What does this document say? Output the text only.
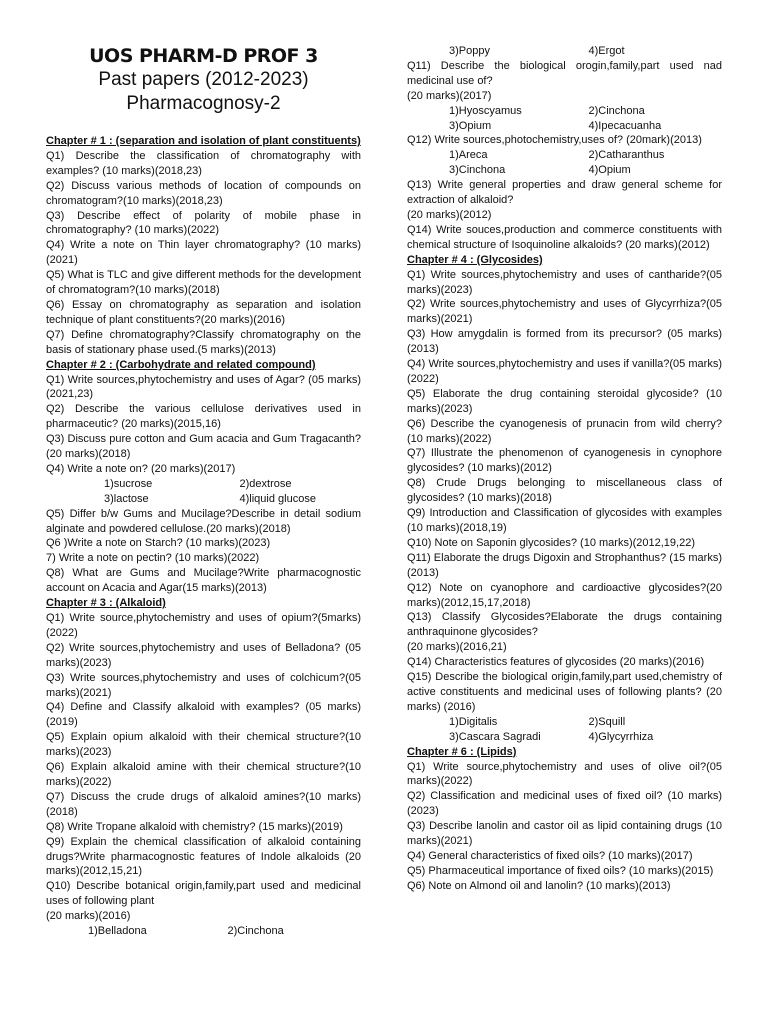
UOS PHARM-D PROF 3
Past papers (2012-2023)
Pharmacognosy-2
Chapter # 1 : (separation and isolation of plant constituents)

Q1) Describe the classification of chromatography with examples? (10 marks)(2018,23)

Q2) Discuss various methods of location of compounds on chromatogram?(10 marks)(2018,23)

Q3) Describe effect of polarity of mobile phase in chromatography? (10 marks)(2022)

Q4) Write a note on Thin layer chromatography? (10 marks)(2021)

Q5) What is TLC and give different methods for the development of chromatogram?(10 marks)(2018)

Q6) Essay on chromatography as separation and isolation technique of plant constituents?(20 marks)(2016)

Q7) Define chromatography?Classify chromatography on the basis of stationary phase used.(5 marks)(2013)

Chapter # 2 : (Carbohydrate and related compound)

Q1) Write sources,phytochemistry and uses of Agar? (05 marks)(2021,23)

Q2) Describe the various cellulose derivatives used in pharmaceutic? (20 marks)(2015,16)

Q3) Discuss pure cotton and Gum acacia and Gum Tragacanth? (20 marks)(2018)

Q4) Write a note on? (20 marks)(2017)

1)sucrose	2)dextrose
3)lactose	4)liquid glucose

Q5) Differ b/w Gums and Mucilage?Describe in detail sodium alginate and powdered cellulose.(20 marks)(2018)

Q6 )Write a note on Starch? (10 marks)(2023)

7) Write a note on pectin? (10 marks)(2022)

Q8) What are Gums and Mucilage?Write pharmacognostic account on Acacia and Agar(15 marks)(2013)

Chapter # 3 : (Alkaloid)

Q1) Write source,phytochemistry and uses of opium?(5marks)(2022)

Q2) Write sources,phytochemistry and uses of Belladona? (05 marks)(2023)

Q3) Write sources,phytochemistry and uses of colchicum?(05 marks)(2021)

Q4) Define and Classify alkaloid with examples? (05 marks)(2019)

Q5) Explain opium alkaloid with their chemical structure?(10 marks)(2023)

Q6) Explain alkaloid amine with their chemical structure?(10 marks)(2022)

Q7) Discuss the crude drugs of alkaloid amines?(10 marks)(2018)

Q8) Write Tropane alkaloid with chemistry? (15 marks)(2019)

Q9) Explain the chemical classification of alkaloid containing drugs?Write pharmacognostic features of Indole alkaloids (20 marks)(2012,15,21)

Q10) Describe botanical origin,family,part used and medicinal uses of following plant

(20 marks)(2016)

1)Belladona	2)Cinchona
3)Poppy	4)Ergot

Q11) Describe the biological orogin,family,part used nad medicinal use of?

(20 marks)(2017)

1)Hyoscyamus	2)Cinchona
3)Opium	4)Ipecacuanha

Q12) Write sources,photochemistry,uses of? (20mark)(2013)

1)Areca	2)Catharanthus
3)Cinchona	4)Opium

Q13) Write general properties and draw general scheme for extraction of alkaloid?

(20 marks)(2012)

Q14) Write souces,production and commerce constituents with chemical structure of Isoquinoline alkaloids? (20 marks)(2012)

Chapter # 4 : (Glycosides)

Q1) Write sources,phytochemistry and uses of cantharide?(05 marks)(2023)

Q2) Write sources,phytochemistry and uses of Glycyrrhiza?(05 marks)(2021)

Q3) How amygdalin is formed from its precursor? (05 marks)(2013)

Q4) Write sources,phytochemistry and uses if vanilla?(05 marks)(2022)

Q5) Elaborate the drug containing steroidal glycoside? (10 marks)(2023)

Q6) Describe the cyanogenesis of prunacin from wild cherry? (10 marks)(2022)

Q7) Illustrate the phenomenon of cyanogenesis in cynophore glycosides? (10 marks)(2012)

Q8) Crude Drugs belonging to miscellaneous class of glycosides? (10 marks)(2018)

Q9) Introduction and Classification of glycosides with examples (10 marks)(2018,19)

Q10) Note on Saponin glycosides? (10 marks)(2012,19,22)

Q11) Elaborate the drugs Digoxin and Strophanthus? (15 marks)(2013)

Q12) Note on cyanophore and cardioactive glycosides?(20 marks)(2012,15,17,2018)

Q13) Classify Glycosides?Elaborate the drugs containing anthraquinone glycosides?

(20 marks)(2016,21)

Q14) Characteristics features of glycosides (20 marks)(2016)

Q15) Describe the biological origin,family,part used,chemistry of active constituents and medicinal uses of following plants? (20 marks) (2016)

1)Digitalis	2)Squill
3)Cascara Sagradi	4)Glycyrrhiza
Chapter # 6 : (Lipids)

Q1) Write source,phytochemistry and uses of olive oil?(05 marks)(2022)

Q2) Classification and medicinal uses of fixed oil? (10 marks)(2023)

Q3) Describe lanolin and castor oil as lipid containing drugs (10 marks)(2021)

Q4) General characteristics of fixed oils? (10 marks)(2017)

Q5) Pharmaceutical importance of fixed oils? (10 marks)(2015)

Q6) Note on Almond oil and lanolin? (10 marks)(2013)
